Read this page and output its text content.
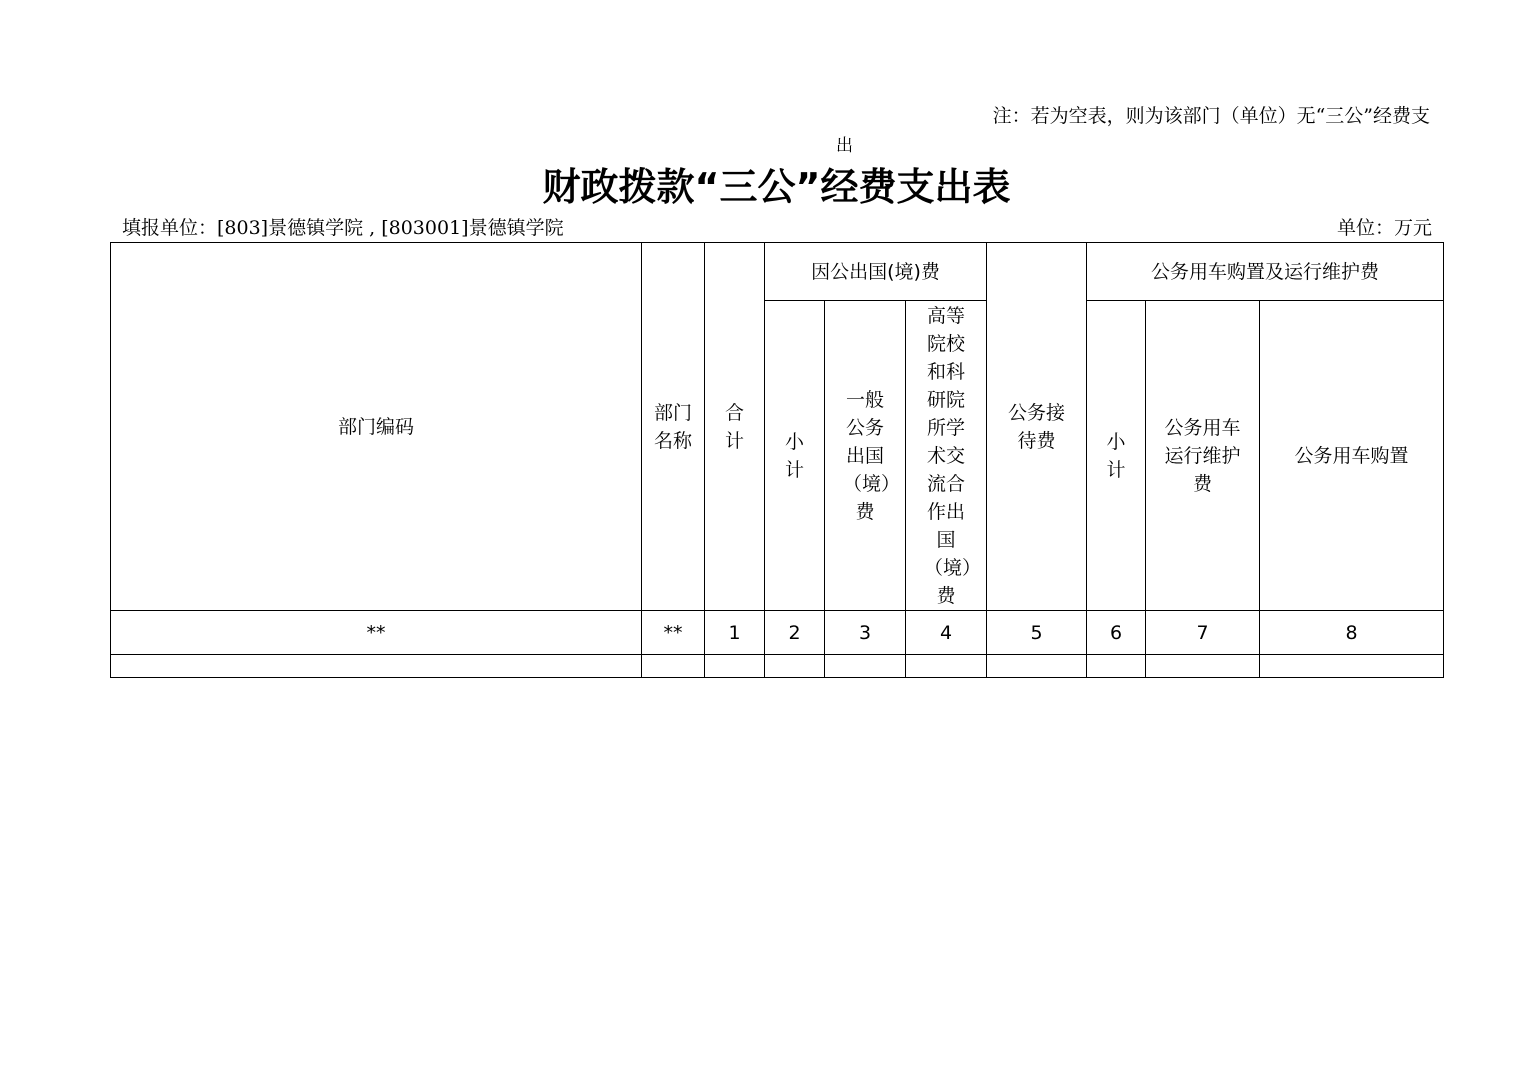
注：若为空表，则为该部门（单位）无“三公”经费支
出
财政拨款“三公”经费支出表
填报单位：[803]景德镇学院 , [803001]景德镇学院	单位：万元
部门编码	部门名称	合计	因公出国(境)费			公务接待费	公务用车购置及运行维护费		
			小计	一般公务出国（境）费	高等院校和科研院所学术交流合作出国（境）费		小计	公务用车运行维护费	公务用车购置
**	**	1	2	3	4	5	6	7	8
